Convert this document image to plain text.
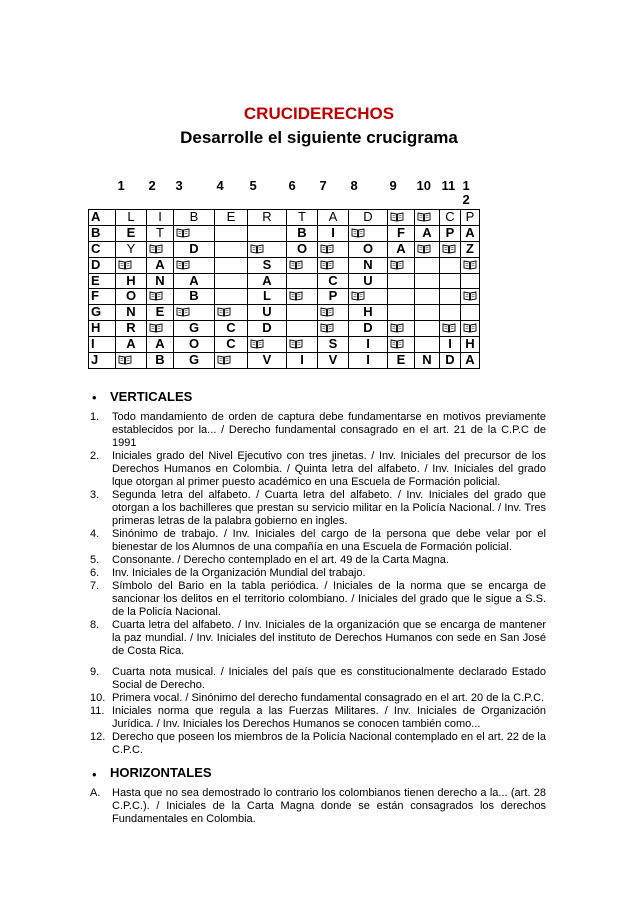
CRUCIDERECHOS
Desarrolle el siguiente crucigrama
	1	2	3	4	5	6	7	8	9	10	11	1
2

A	L	I	B	E	R	T	A	D			C	P

B	E	T				B	I		F	A	P	A

C	Y		D			O		O	A			Z

D		A			S			N

E	H	N	A		A		C	U				

F	O		B		L		P

G	N	E			U			H				

H	R		G	C	D			D

I	A	A	O	C			S	I			I	H

J		B	G		V	I	V	I	E	N	D	A
• VERTICALES
1. Todo mandamiento de orden de captura debe fundamentarse en motivos previamente establecidos por la... / Derecho fundamental consagrado en el art. 21 de la C.P.C de 1991
2. Iniciales grado del Nivel Ejecutivo con tres jinetas. / Inv. Iniciales del precursor de los Derechos Humanos en Colombia. / Quinta letra del alfabeto. / Inv. Iniciales del grado lque otorgan al primer puesto académico en una Escuela de Formación policial.
3. Segunda letra del alfabeto. / Cuarta letra del alfabeto. / Inv. Iniciales del grado que otorgan a los bachilleres que prestan su servicio militar en la Policía Nacional. / Inv. Tres primeras letras de la palabra gobierno en ingles.
4. Sinónimo de trabajo. / Inv. Iniciales del cargo de la persona que debe velar por el bienestar de los Alumnos de una compañía en una Escuela de Formación policial.
5. Consonante. / Derecho contemplado en el art. 49 de la Carta Magna.
6. Inv. Iniciales de la Organización Mundial del trabajo.
7. Símbolo del Bario en la tabla periódica. / Iniciales de la norma que se encarga de sancionar los delitos en el territorio colombiano. / Iniciales del grado que le sigue a S.S. de la Policía Nacional.
8. Cuarta letra del alfabeto. / Inv. Iniciales de la organización que se encarga de mantener la paz mundial. / Inv. Iniciales del instituto de Derechos Humanos con sede en San José de Costa Rica.
9. Cuarta nota musical. / Iniciales del país que es constitucionalmente declarado Estado Social de Derecho.
10. Primera vocal. / Sinónimo del derecho fundamental consagrado en el art. 20 de la C.P.C.
11. Iniciales norma que regula a las Fuerzas Militares. / Inv. Iniciales de Organización Jurídica. / Inv. Iniciales los Derechos Humanos se conocen también como...
12. Derecho que poseen los miembros de la Policía Nacional contemplado en el art. 22 de la C.P.C.
• HORIZONTALES
A. Hasta que no sea demostrado lo contrario los colombianos tienen derecho a la... (art. 28 C.P.C.). / Iniciales de la Carta Magna donde se están consagrados los derechos Fundamentales en Colombia.
